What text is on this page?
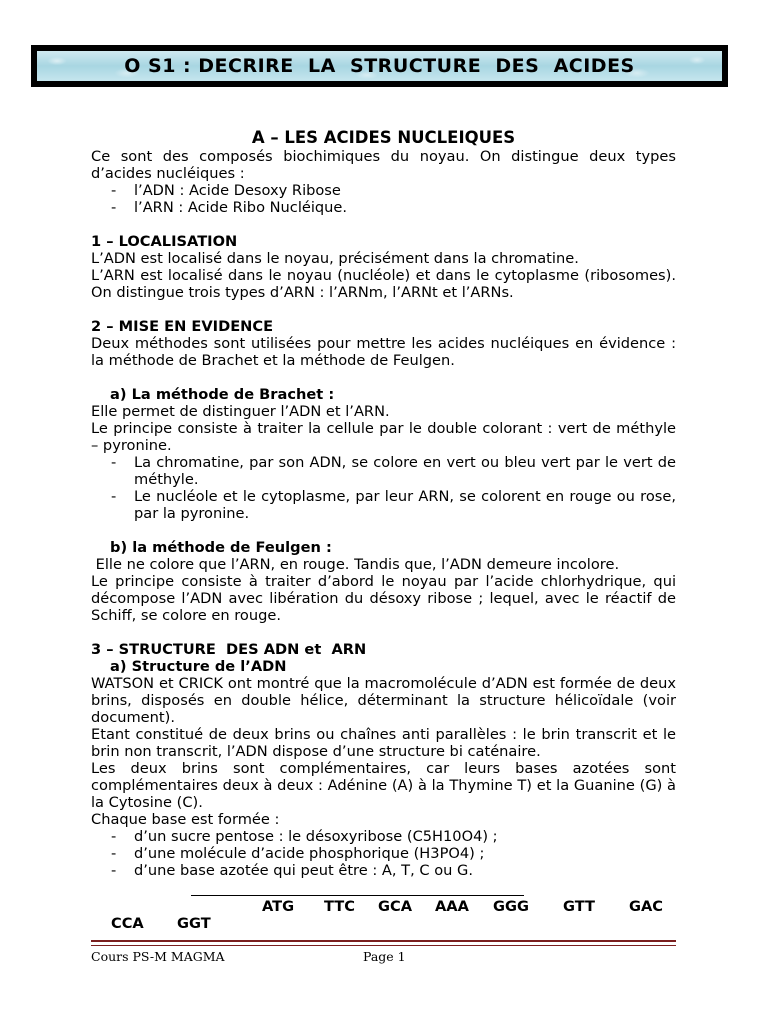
O S1 : DECRIRE  LA  STRUCTURE  DES  ACIDES
A – LES ACIDES NUCLEIQUES

Ce sont des composés biochimiques du noyau. On distingue deux types d’acides nucléiques :

- l’ADN : Acide Desoxy Ribose
- l’ARN : Acide Ribo Nucléique.
1 – LOCALISATION

L’ADN est localisé dans le noyau, précisément dans la chromatine.

L’ARN est localisé dans le noyau (nucléole) et dans le cytoplasme (ribosomes). On distingue trois types d’ARN : l’ARNm, l’ARNt et l’ARNs.

2 – MISE EN EVIDENCE

Deux méthodes sont utilisées pour mettre les acides nucléiques en évidence : la méthode de Brachet et la méthode de Feulgen.

a) La méthode de Brachet :

Elle permet de distinguer l’ADN et l’ARN.

Le principe consiste à traiter la cellule par le double colorant : vert de méthyle – pyronine.

- La chromatine, par son ADN, se colore en vert ou bleu vert par le vert de méthyle.
- Le nucléole et le cytoplasme, par leur ARN, se colorent en rouge ou rose, par la pyronine.
b) la méthode de Feulgen :

Elle ne colore que l’ARN, en rouge. Tandis que, l’ADN demeure incolore.

Le principe consiste à traiter d’abord le noyau par l’acide chlorhydrique, qui décompose l’ADN avec libération du désoxy ribose ; lequel, avec le réactif de Schiff, se colore en rouge.

3 – STRUCTURE  DES ADN et  ARN
a) Structure de l’ADN

WATSON et CRICK ont montré que la macromolécule d’ADN est formée de deux brins, disposés en double hélice, déterminant la structure hélicoïdale (voir document).

Etant constitué de deux brins ou chaînes anti parallèles : le brin transcrit et le brin non transcrit, l’ADN dispose d’une structure bi caténaire.

Les deux brins sont complémentaires, car leurs bases azotées sont complémentaires deux à deux : Adénine (A) à la Thymine T) et la Guanine (G) à la Cytosine (C).

Chaque base est formée :

- d’un sucre pentose : le désoxyribose (C5H10O4) ;
- d’une molécule d’acide phosphorique (H3PO4) ;
- d’une base azotée qui peut être : A, T, C ou G.
ATG TTC GCA AAA GGG GTT GAC
CCA GGT
Cours PS-M MAGMA	Page 1
